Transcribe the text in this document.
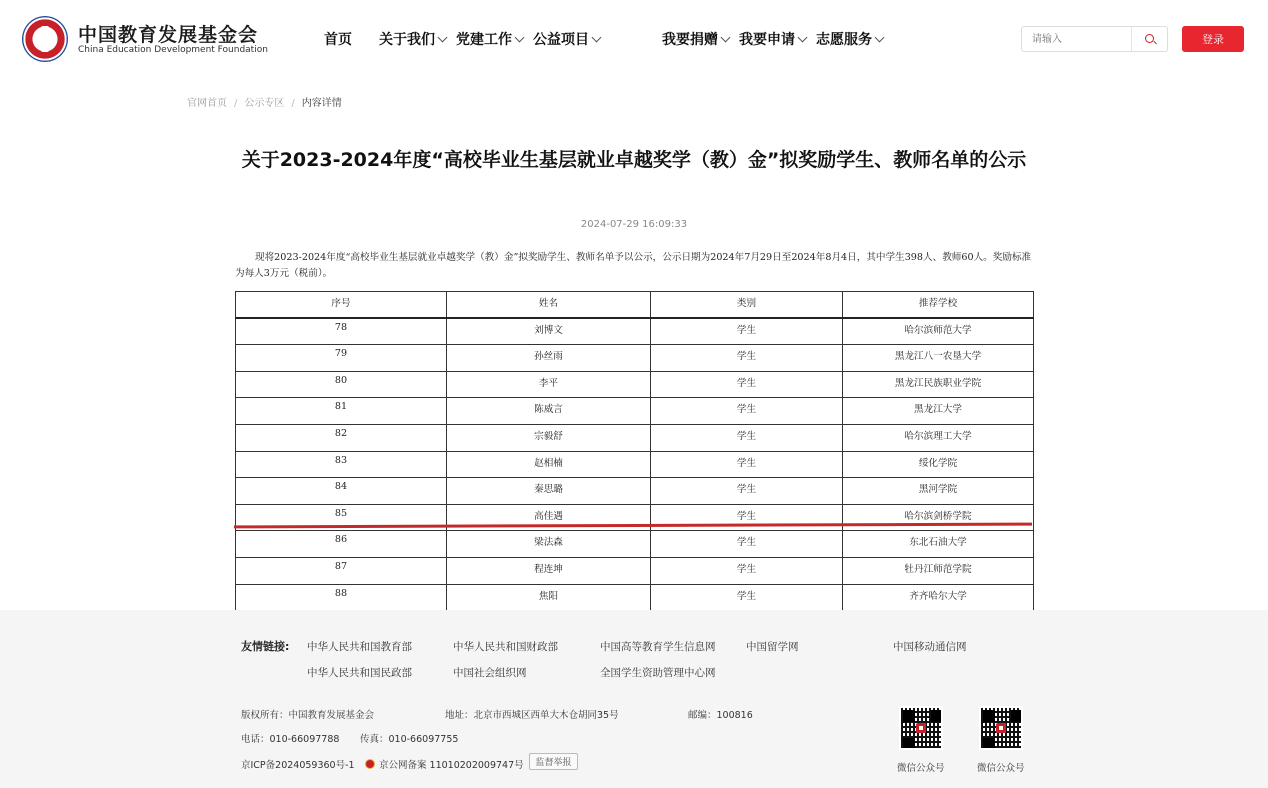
中国教育发展基金会
China Education Development Foundation
首页 关于我们 党建工作 公益项目	我要捐赠 我要申请 志愿服务
请输入	登录
官网首页 / 公示专区 / 内容详情
关于2023-2024年度“高校毕业生基层就业卓越奖学（教）金”拟奖励学生、教师名单的公示
2024-07-29 16:09:33

现将2023-2024年度“高校毕业生基层就业卓越奖学（教）金”拟奖励学生、教师名单予以公示，公示日期为2024年7月29日至2024年8月4日，其中学生398人、教师60人。奖励标准为每人3万元（税前）。

序号	姓名	类别	推荐学校
78	刘博文	学生	哈尔滨师范大学
79	孙丝雨	学生	黑龙江八一农垦大学
80	李平	学生	黑龙江民族职业学院
81	陈威言	学生	黑龙江大学
82	宗毅舒	学生	哈尔滨理工大学
83	赵相楠	学生	绥化学院
84	秦思璐	学生	黑河学院
85	高佳遇	学生	哈尔滨剑桥学院
86	梁法森	学生	东北石油大学
87	程连坤	学生	牡丹江师范学院
88	焦阳	学生	齐齐哈尔大学
友情链接: 中华人民共和国教育部	中华人民共和国财政部	中国高等教育学生信息网	中国留学网	中国移动通信网
中华人民共和国民政部	中国社会组织网	全国学生资助管理中心网
版权所有：中国教育发展基金会	地址：北京市西城区西单大木仓胡同35号	邮编：100816
电话：010-66097788 传真：010-66097755
京ICP备2024059360号-1	京公网备案 11010202009747号	监督举报	微信公众号	微信公众号
